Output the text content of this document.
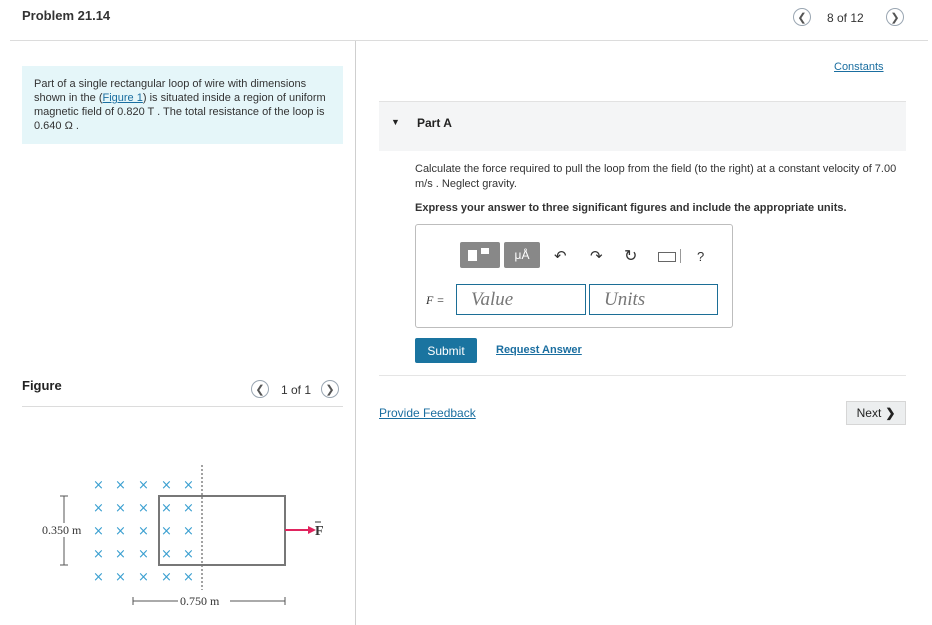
Problem 21.14	❮ 8 of 12 ❯
Part of a single rectangular loop of wire with dimensions shown in the (Figure 1) is situated inside a region of uniform magnetic field of 0.820 T . The total resistance of the loop is 0.640 Ω .
Figure	❮ 1 of 1 ❯
× × × × ×
× × × × ×
× × × × ×
× × × × ×
× × × × ×
F
0.350 m
0.750 m
Constants
▼ Part A
Calculate the force required to pull the loop from the field (to the right) at a constant velocity of 7.00 m/s . Neglect gravity.
Express your answer to three significant figures and include the appropriate units.
μÅ	↶ ↷ ↻	?
F =	Value	Units
Submit	Request Answer
Provide Feedback	Next ❯
